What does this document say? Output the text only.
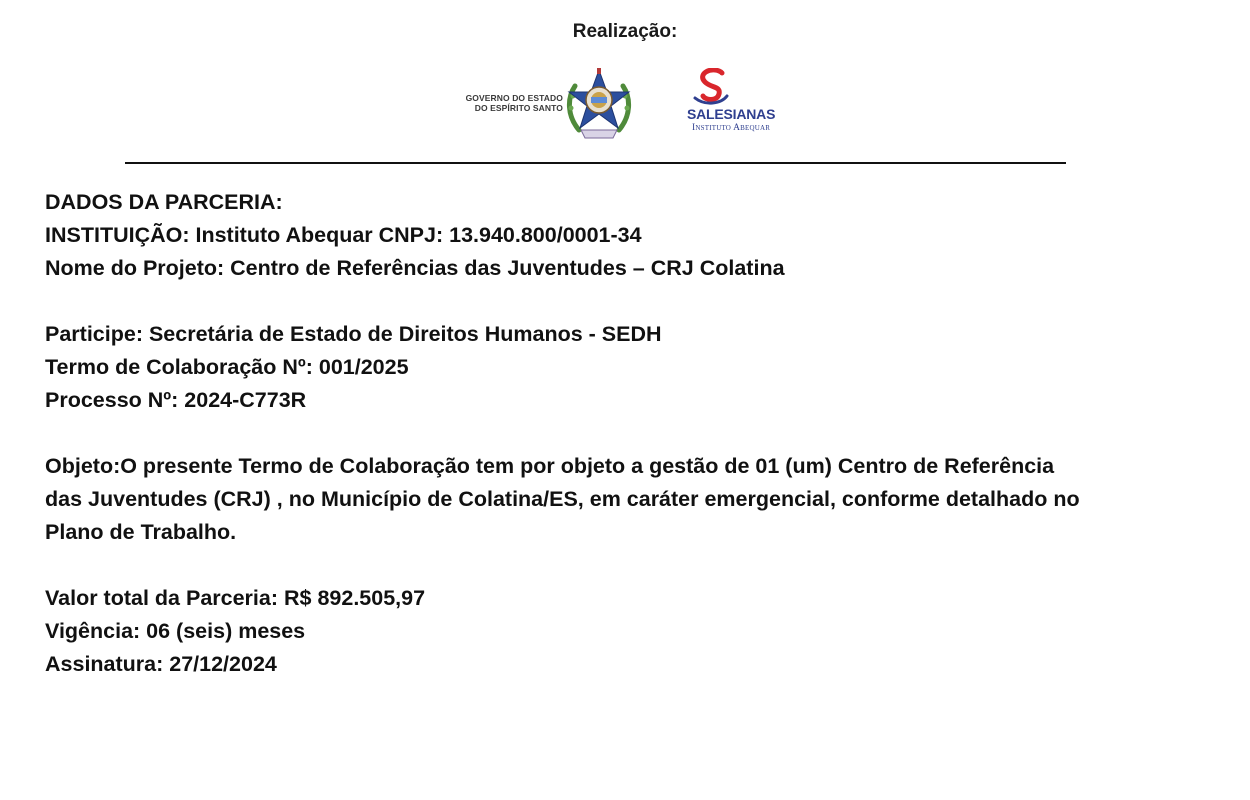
Realização:
GOVERNO DO ESTADO
DO ESPÍRITO SANTO	SALESIANAS
Instituto Abequar

DADOS DA PARCERIA:

INSTITUIÇÃO: Instituto Abequar CNPJ: 13.940.800/0001-34

Nome do Projeto: Centro de Referências das Juventudes – CRJ Colatina

Participe: Secretária de Estado de Direitos Humanos - SEDH

Termo de Colaboração Nº: 001/2025

Processo Nº: 2024-C773R

Objeto:O presente Termo de Colaboração tem por objeto a gestão de 01 (um) Centro de Referência

das Juventudes (CRJ) , no Município de Colatina/ES, em caráter emergencial, conforme detalhado no

Plano de Trabalho.

Valor total da Parceria: R$ 892.505,97

Vigência: 06 (seis) meses

Assinatura: 27/12/2024
